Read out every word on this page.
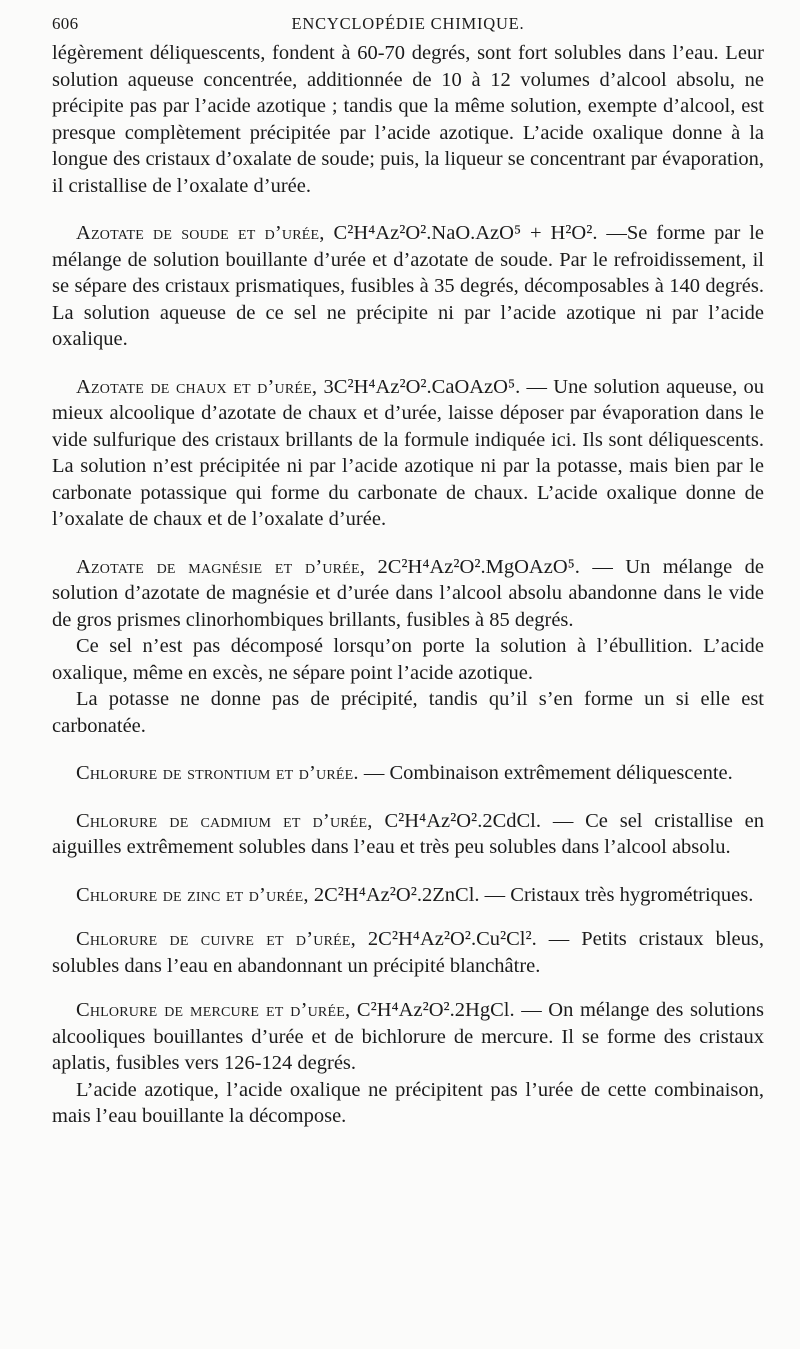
606	ENCYCLOPÉDIE CHIMIQUE.

légèrement déliquescents, fondent à 60-70 degrés, sont fort solubles dans l’eau. Leur solution aqueuse concentrée, additionnée de 10 à 12 volumes d’alcool absolu, ne précipite pas par l’acide azotique ; tandis que la même solution, exempte d’alcool, est presque complètement précipitée par l’acide azotique. L’acide oxalique donne à la longue des cristaux d’oxalate de soude; puis, la liqueur se concentrant par évaporation, il cristallise de l’oxalate d’urée.

Azotate de soude et d’urée, C²H⁴Az²O².NaO.AzO⁵ + H²O². —Se forme par le mélange de solution bouillante d’urée et d’azotate de soude. Par le refroidissement, il se sépare des cristaux prismatiques, fusibles à 35 degrés, décomposables à 140 degrés. La solution aqueuse de ce sel ne précipite ni par l’acide azotique ni par l’acide oxalique.

Azotate de chaux et d’urée, 3C²H⁴Az²O².CaOAzO⁵. — Une solution aqueuse, ou mieux alcoolique d’azotate de chaux et d’urée, laisse déposer par évaporation dans le vide sulfurique des cristaux brillants de la formule indiquée ici. Ils sont déliquescents. La solution n’est précipitée ni par l’acide azotique ni par la potasse, mais bien par le carbonate potassique qui forme du carbonate de chaux. L’acide oxalique donne de l’oxalate de chaux et de l’oxalate d’urée.

Azotate de magnésie et d’urée, 2C²H⁴Az²O².MgOAzO⁵. — Un mélange de solution d’azotate de magnésie et d’urée dans l’alcool absolu abandonne dans le vide de gros prismes clinorhombiques brillants, fusibles à 85 degrés.

Ce sel n’est pas décomposé lorsqu’on porte la solution à l’ébullition. L’acide oxalique, même en excès, ne sépare point l’acide azotique.

La potasse ne donne pas de précipité, tandis qu’il s’en forme un si elle est carbonatée.

Chlorure de strontium et d’urée. — Combinaison extrêmement déliquescente.

Chlorure de cadmium et d’urée, C²H⁴Az²O².2CdCl. — Ce sel cristallise en aiguilles extrêmement solubles dans l’eau et très peu solubles dans l’alcool absolu.

Chlorure de zinc et d’urée, 2C²H⁴Az²O².2ZnCl. — Cristaux très hygrométriques.

Chlorure de cuivre et d’urée, 2C²H⁴Az²O².Cu²Cl². — Petits cristaux bleus, solubles dans l’eau en abandonnant un précipité blanchâtre.

Chlorure de mercure et d’urée, C²H⁴Az²O².2HgCl. — On mélange des solutions alcooliques bouillantes d’urée et de bichlorure de mercure. Il se forme des cristaux aplatis, fusibles vers 126-124 degrés.

L’acide azotique, l’acide oxalique ne précipitent pas l’urée de cette combinaison, mais l’eau bouillante la décompose.
